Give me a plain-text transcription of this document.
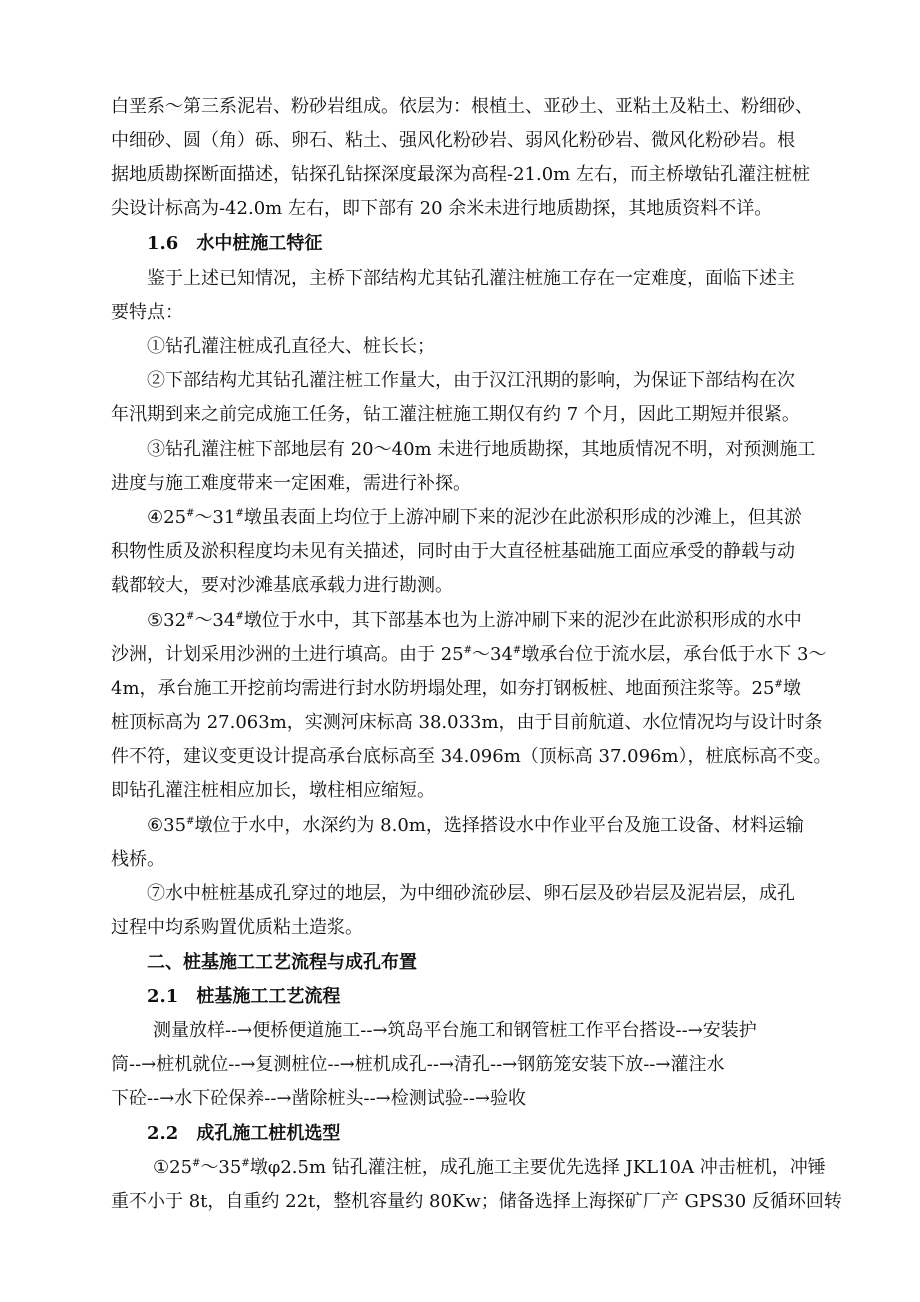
白垩系～第三系泥岩、粉砂岩组成。依层为：根植土、亚砂土、亚粘土及粘土、粉细砂、
中细砂、圆（角）砾、卵石、粘土、强风化粉砂岩、弱风化粉砂岩、微风化粉砂岩。根
据地质勘探断面描述，钻探孔钻探深度最深为高程-21.0m 左右，而主桥墩钻孔灌注桩桩
尖设计标高为-42.0m 左右，即下部有 20 余米未进行地质勘探，其地质资料不详。
1.6　水中桩施工特征
鉴于上述已知情况，主桥下部结构尤其钻孔灌注桩施工存在一定难度，面临下述主
要特点：
①钻孔灌注桩成孔直径大、桩长长；
②下部结构尤其钻孔灌注桩工作量大，由于汉江汛期的影响，为保证下部结构在次
年汛期到来之前完成施工任务，钻工灌注桩施工期仅有约 7 个月，因此工期短并很紧。
③钻孔灌注桩下部地层有 20～40m 未进行地质勘探，其地质情况不明，对预测施工
进度与施工难度带来一定困难，需进行补探。
④25#～31#墩虽表面上均位于上游冲刷下来的泥沙在此淤积形成的沙滩上，但其淤
积物性质及淤积程度均未见有关描述，同时由于大直径桩基础施工面应承受的静载与动
载都较大，要对沙滩基底承载力进行勘测。
⑤32#～34#墩位于水中，其下部基本也为上游冲刷下来的泥沙在此淤积形成的水中
沙洲，计划采用沙洲的土进行填高。由于 25#～34#墩承台位于流水层，承台低于水下 3～
4m，承台施工开挖前均需进行封水防坍塌处理，如夯打钢板桩、地面预注浆等。25#墩
桩顶标高为 27.063m，实测河床标高 38.033m，由于目前航道、水位情况均与设计时条
件不符，建议变更设计提高承台底标高至 34.096m（顶标高 37.096m），桩底标高不变。
即钻孔灌注桩相应加长，墩柱相应缩短。
⑥35#墩位于水中，水深约为 8.0m，选择搭设水中作业平台及施工设备、材料运输
栈桥。
⑦水中桩桩基成孔穿过的地层，为中细砂流砂层、卵石层及砂岩层及泥岩层，成孔
过程中均系购置优质粘土造浆。
二、桩基施工工艺流程与成孔布置
2.1　桩基施工工艺流程
测量放样--→便桥便道施工--→筑岛平台施工和钢管桩工作平台搭设--→安装护
筒--→桩机就位--→复测桩位--→桩机成孔--→清孔--→钢筋笼安装下放--→灌注水
下砼--→水下砼保养--→凿除桩头--→检测试验--→验收
2.2　成孔施工桩机选型
①25#～35#墩φ2.5m 钻孔灌注桩，成孔施工主要优先选择 JKL10A 冲击桩机，冲锤
重不小于 8t，自重约 22t，整机容量约 80Kw；储备选择上海探矿厂产 GPS30 反循环回转
